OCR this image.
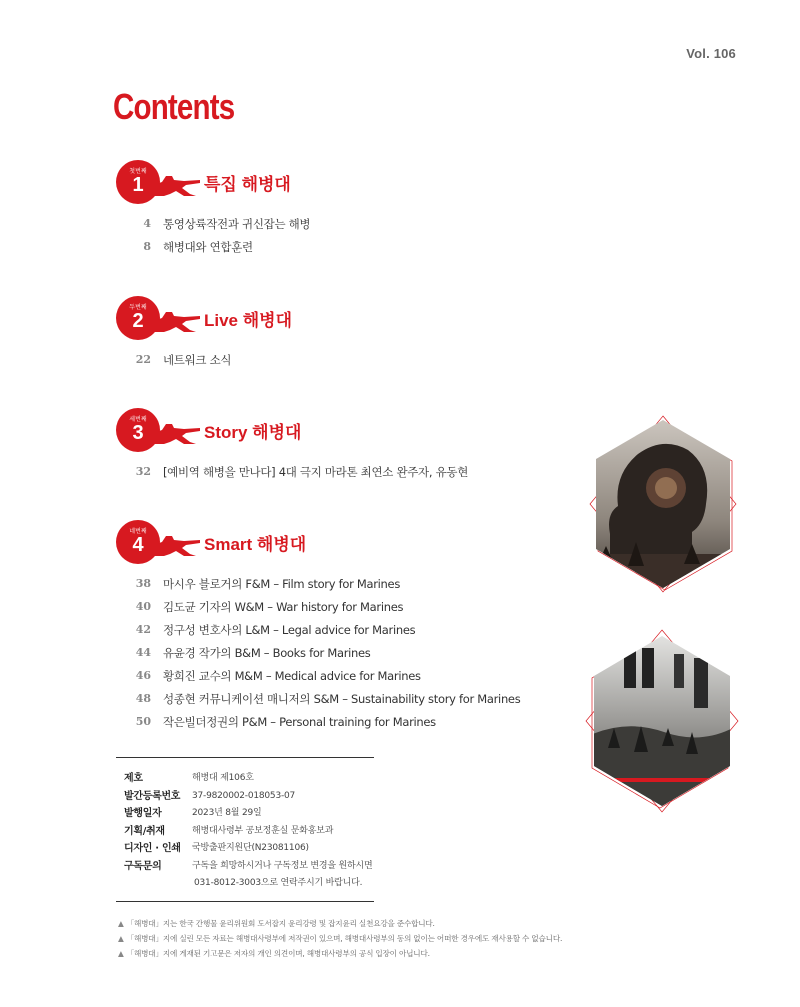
Vol. 106
Contents
첫번째
1	특집 해병대
4 통영상륙작전과 귀신잡는 해병
8 해병대와 연합훈련
두번째
2	Live 해병대
22 네트워크 소식
세번째
3	Story 해병대
32 [예비역 해병을 만나다] 4대 극지 마라톤 최연소 완주자, 유동현
네번째
4	Smart 해병대
38 마시우 블로거의 F&M – Film story for Marines
40 김도균 기자의 W&M – War history for Marines
42 정구성 변호사의 L&M – Legal advice for Marines
44 유윤경 작가의 B&M – Books for Marines
46 황희진 교수의 M&M – Medical advice for Marines
48 성종현 커뮤니케이션 매니저의 S&M – Sustainability story for Marines
50 작은빌더정권의 P&M – Personal training for Marines
제호	해병대 제106호
발간등록번호	37-9820002-018053-07
발행일자	2023년 8월 29일
기획/취재	해병대사령부 공보정훈실 문화홍보과
디자인 · 인쇄	국방출판지원단(N23081106)
구독문의	구독을 희망하시거나 구독정보 변경을 원하시면
031-8012-3003으로 연락주시기 바랍니다.
▲ 「해병대」지는 한국 간행물 윤리위원회 도서잡지 윤리강령 및 잡지윤리 실천요강을 준수합니다.
▲ 「해병대」지에 실린 모든 자료는 해병대사령부에 저작권이 있으며, 해병대사령부의 동의 없이는 어떠한 경우에도 재사용할 수 없습니다.
▲ 「해병대」지에 게재된 기고문은 저자의 개인 의견이며, 해병대사령부의 공식 입장이 아닙니다.
